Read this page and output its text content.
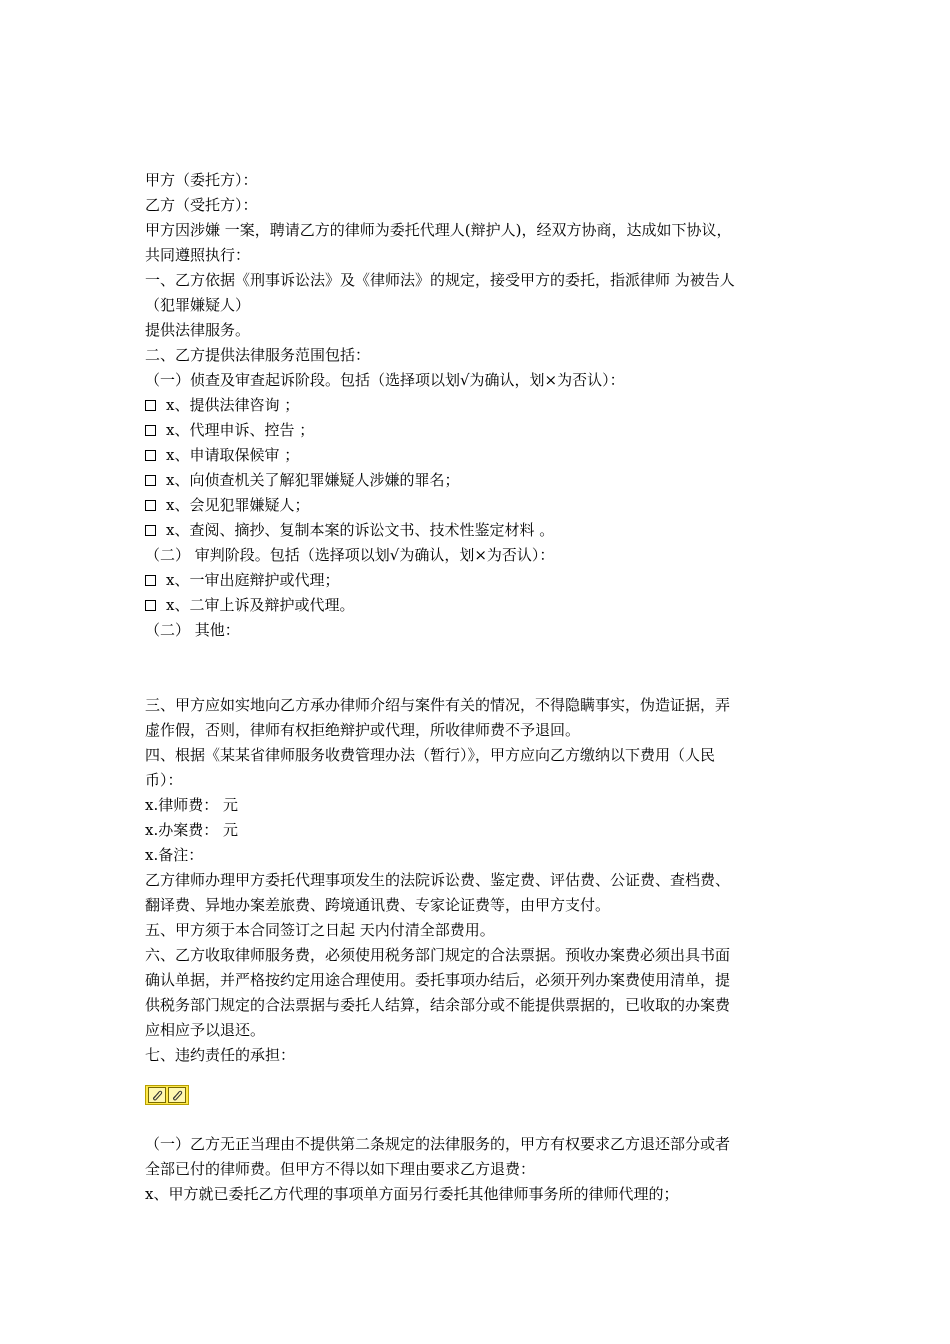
甲方（委托方）：
乙方（受托方）：
甲方因涉嫌 一案，聘请乙方的律师为委托代理人(辩护人)，经双方协商，达成如下协议，
共同遵照执行：
一、乙方依据《刑事诉讼法》及《律师法》的规定，接受甲方的委托，指派律师 为被告人
（犯罪嫌疑人）
提供法律服务。
二、乙方提供法律服务范围包括：
（一）侦查及审查起诉阶段。包括（选择项以划√为确认，划×为否认）：
x、提供法律咨询 ；
x、代理申诉、控告 ；
x、申请取保候审 ；
x、向侦查机关了解犯罪嫌疑人涉嫌的罪名；
x、会见犯罪嫌疑人；
x、查阅、摘抄、复制本案的诉讼文书、技术性鉴定材料 。
（二） 审判阶段。包括（选择项以划√为确认，划×为否认）：
x、一审出庭辩护或代理；
x、二审上诉及辩护或代理。
（二） 其他：
三、甲方应如实地向乙方承办律师介绍与案件有关的情况，不得隐瞒事实，伪造证据，弄
虚作假，否则，律师有权拒绝辩护或代理，所收律师费不予退回。
四、根据《某某省律师服务收费管理办法（暂行）》，甲方应向乙方缴纳以下费用（人民
币）：
x.律师费： 元
x.办案费： 元
x.备注：
乙方律师办理甲方委托代理事项发生的法院诉讼费、鉴定费、评估费、公证费、查档费、
翻译费、异地办案差旅费、跨境通讯费、专家论证费等，由甲方支付。
五、甲方须于本合同签订之日起 天内付清全部费用。
六、乙方收取律师服务费，必须使用税务部门规定的合法票据。预收办案费必须出具书面
确认单据，并严格按约定用途合理使用。委托事项办结后，必须开列办案费使用清单，提
供税务部门规定的合法票据与委托人结算，结余部分或不能提供票据的，已收取的办案费
应相应予以退还。
七、违约责任的承担：
（一）乙方无正当理由不提供第二条规定的法律服务的，甲方有权要求乙方退还部分或者
全部已付的律师费。但甲方不得以如下理由要求乙方退费：
x、甲方就已委托乙方代理的事项单方面另行委托其他律师事务所的律师代理的；
